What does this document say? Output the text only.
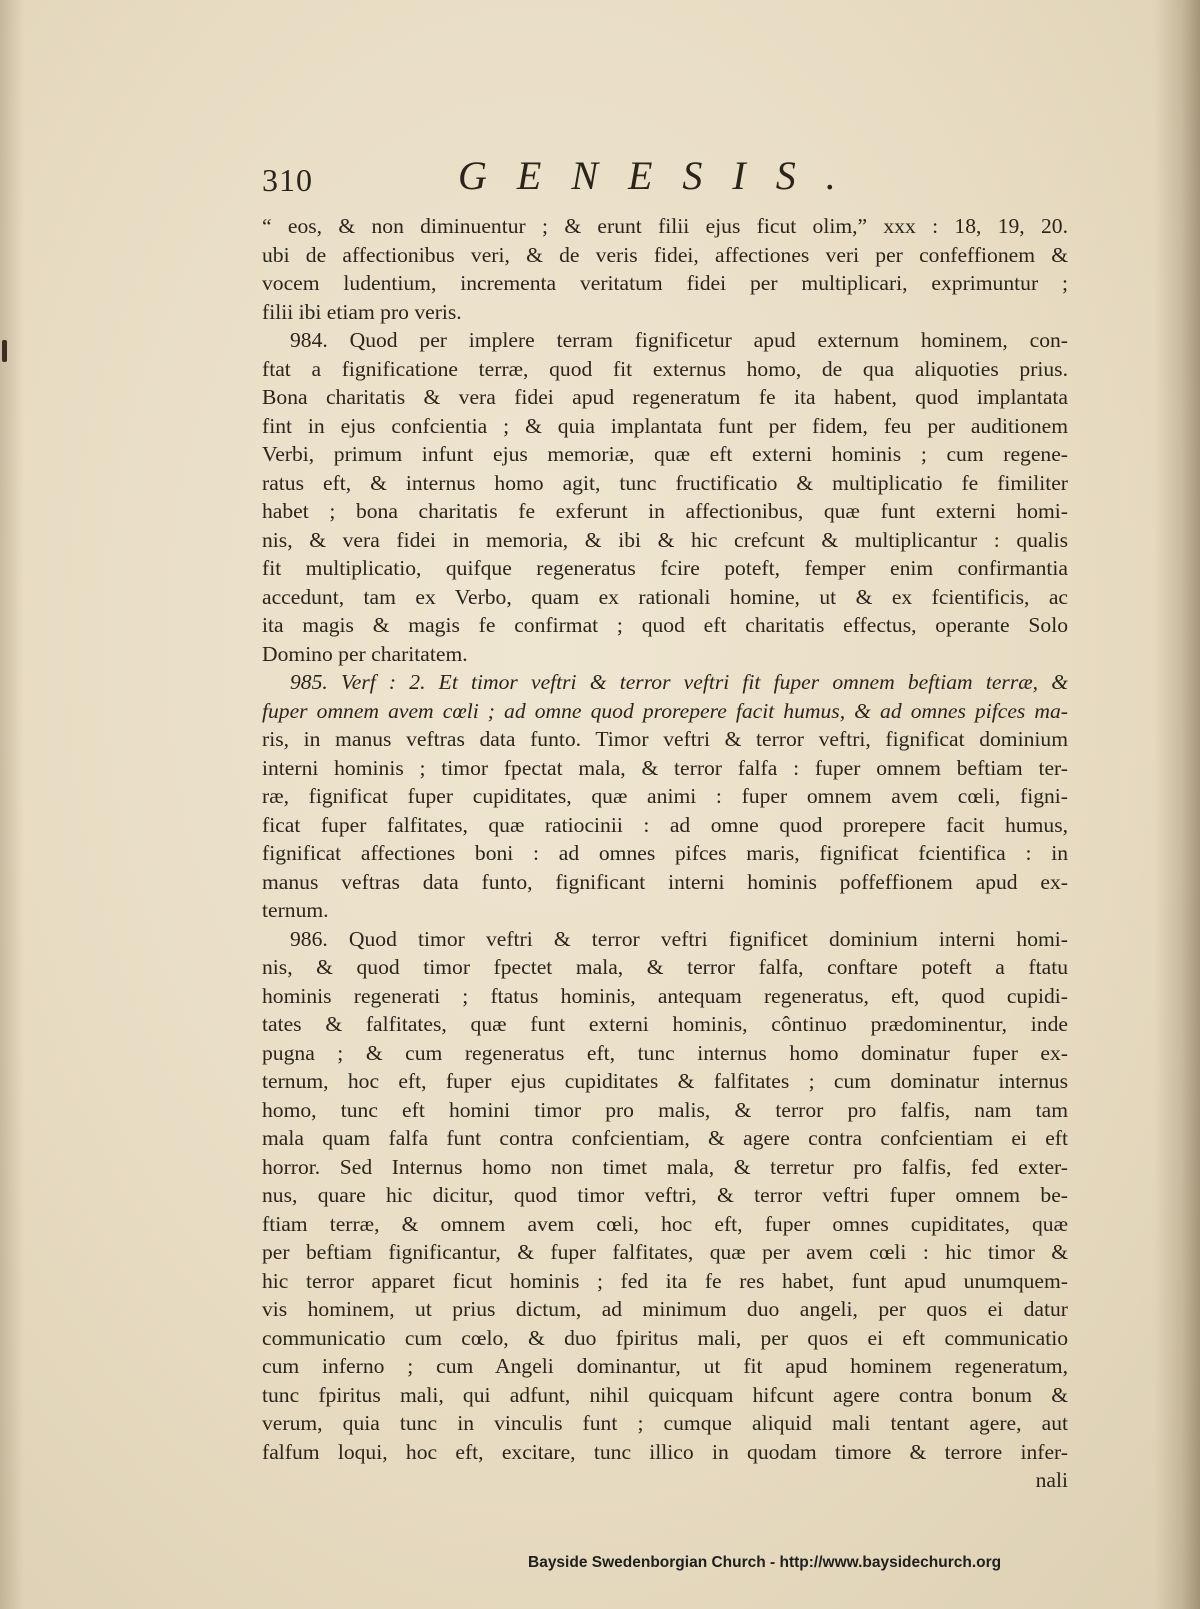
310	GENESIS.
“ eos, & non diminuentur ; & erunt filii ejus ficut olim,” xxx : 18, 19, 20.
ubi de affectionibus veri, & de veris fidei, affectiones veri per confeffionem &
vocem ludentium, incrementa veritatum fidei per multiplicari, exprimuntur ;
filii ibi etiam pro veris.
984. Quod per implere terram fignificetur apud externum hominem, con-
ftat a fignificatione terræ, quod fit externus homo, de qua aliquoties prius.
Bona charitatis & vera fidei apud regeneratum fe ita habent, quod implantata
fint in ejus confcientia ; & quia implantata funt per fidem, feu per auditionem
Verbi, primum infunt ejus memoriæ, quæ eft externi hominis ; cum regene-
ratus eft, & internus homo agit, tunc fructificatio & multiplicatio fe fimiliter
habet ; bona charitatis fe exferunt in affectionibus, quæ funt externi homi-
nis, & vera fidei in memoria, & ibi & hic crefcunt & multiplicantur : qualis
fit multiplicatio, quifque regeneratus fcire poteft, femper enim confirmantia
accedunt, tam ex Verbo, quam ex rationali homine, ut & ex fcientificis, ac
ita magis & magis fe confirmat ; quod eft charitatis effectus, operante Solo
Domino per charitatem.
985. Verf : 2. Et timor veftri & terror veftri fit fuper omnem beftiam terræ, &
fuper omnem avem cœli ; ad omne quod prorepere facit humus, & ad omnes pifces ma-
ris, in manus veftras data funto. Timor veftri & terror veftri, fignificat dominium
interni hominis ; timor fpectat mala, & terror falfa : fuper omnem beftiam ter-
ræ, fignificat fuper cupiditates, quæ animi : fuper omnem avem cœli, figni-
ficat fuper falfitates, quæ ratiocinii : ad omne quod prorepere facit humus,
fignificat affectiones boni : ad omnes pifces maris, fignificat fcientifica : in
manus veftras data funto, fignificant interni hominis poffeffionem apud ex-
ternum.
986. Quod timor veftri & terror veftri fignificet dominium interni homi-
nis, & quod timor fpectet mala, & terror falfa, conftare poteft a ftatu
hominis regenerati ; ftatus hominis, antequam regeneratus, eft, quod cupidi-
tates & falfitates, quæ funt externi hominis, côntinuo prædominentur, inde
pugna ; & cum regeneratus eft, tunc internus homo dominatur fuper ex-
ternum, hoc eft, fuper ejus cupiditates & falfitates ; cum dominatur internus
homo, tunc eft homini timor pro malis, & terror pro falfis, nam tam
mala quam falfa funt contra confcientiam, & agere contra confcientiam ei eft
horror. Sed Internus homo non timet mala, & terretur pro falfis, fed exter-
nus, quare hic dicitur, quod timor veftri, & terror veftri fuper omnem be-
ftiam terræ, & omnem avem cœli, hoc eft, fuper omnes cupiditates, quæ
per beftiam fignificantur, & fuper falfitates, quæ per avem cœli : hic timor &
hic terror apparet ficut hominis ; fed ita fe res habet, funt apud unumquem-
vis hominem, ut prius dictum, ad minimum duo angeli, per quos ei datur
communicatio cum cœlo, & duo fpiritus mali, per quos ei eft communicatio
cum inferno ; cum Angeli dominantur, ut fit apud hominem regeneratum,
tunc fpiritus mali, qui adfunt, nihil quicquam hifcunt agere contra bonum &
verum, quia tunc in vinculis funt ; cumque aliquid mali tentant agere, aut
falfum loqui, hoc eft, excitare, tunc illico in quodam timore & terrore infer-
nali
Bayside Swedenborgian Church - http://www.baysidechurch.org
